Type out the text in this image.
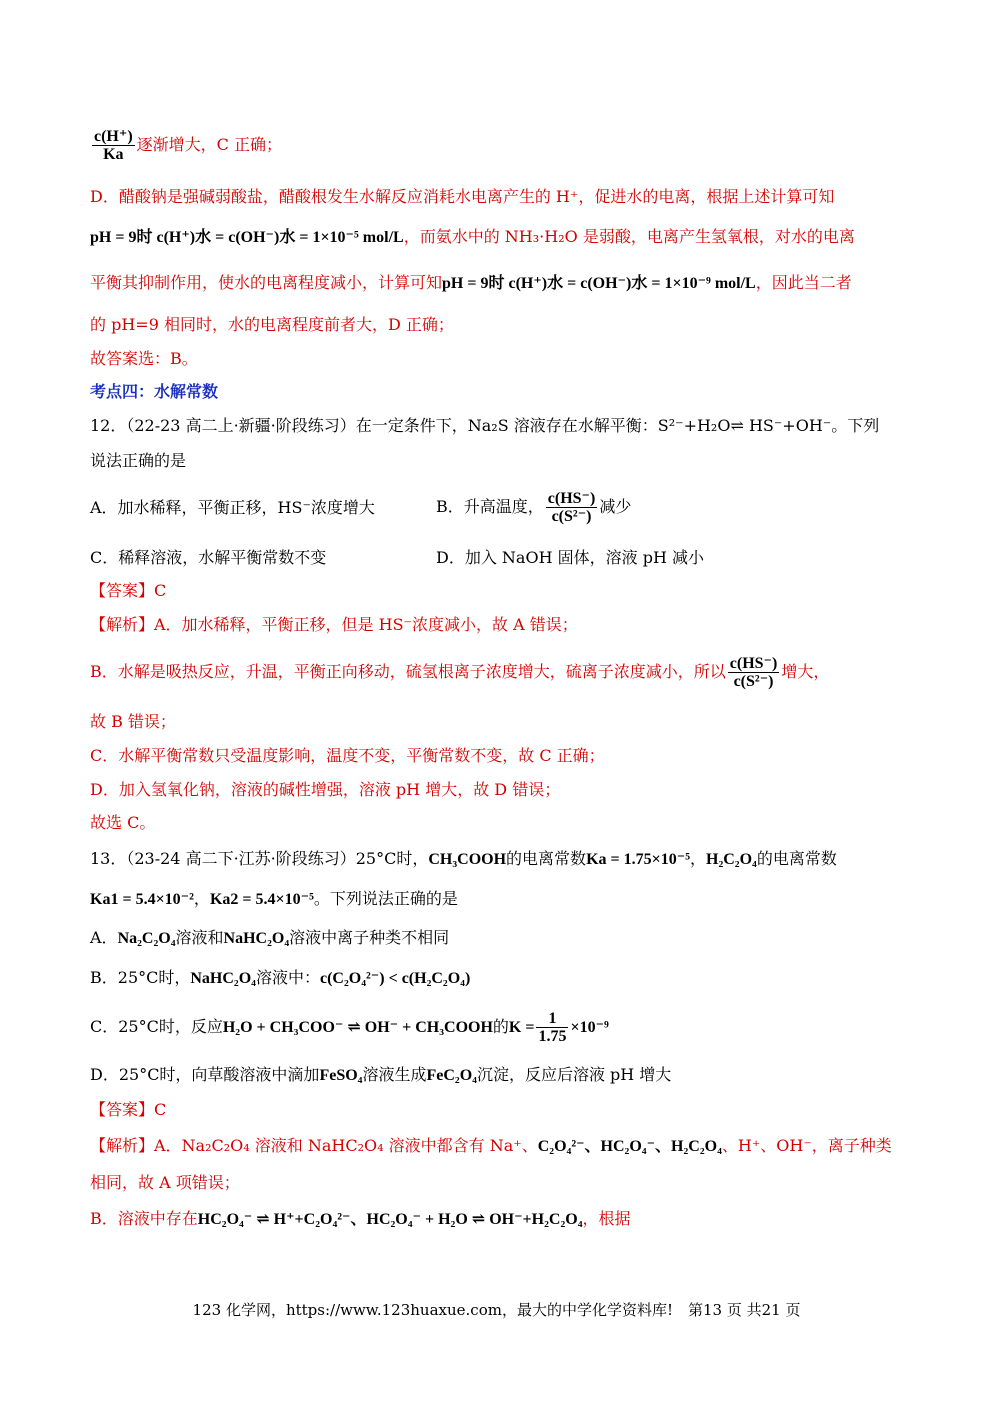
$\frac{c(H^+)}{Ka}$ 逐渐增大，C 正确；
D．醋酸钠是强碱弱酸盐，醋酸根发生水解反应消耗水电离产生的 H⁺，促进水的电离，根据上述计算可知
pH = 9时 c(H⁺)水 = c(OH⁻)水 = 1×10⁻⁵ mol/L，而氨水中的 NH₃·H₂O 是弱酸，电离产生氢氧根，对水的电离
平衡其抑制作用，使水的电离程度减小，计算可知pH = 9时 c(H⁺)水 = c(OH⁻)水 = 1×10⁻⁹ mol/L，因此当二者
的 pH=9 相同时，水的电离程度前者大，D 正确；
故答案选：B。
考点四：水解常数
12．（22-23 高二上·新疆·阶段练习）在一定条件下，Na₂S 溶液存在水解平衡：S²⁻+H₂O⇌ HS⁻+OH⁻。下列
说法正确的是
A．加水稀释，平衡正移，HS⁻浓度增大	B．升高温度， $\frac{c(HS^-)}{\text{c(S²⁻)}}$ 减少
C．稀释溶液，水解平衡常数不变	D．加入 NaOH 固体，溶液 pH 减小
【答案】C
【解析】A．加水稀释，平衡正移，但是 HS⁻浓度减小，故 A 错误；
B．水解是吸热反应，升温，平衡正向移动，硫氢根离子浓度增大，硫离子浓度减小，所以 $\frac{c(HS^-)}{\text{c(S²⁻)}}$ 增大，
故 B 错误；
C．水解平衡常数只受温度影响，温度不变，平衡常数不变，故 C 正确；
D．加入氢氧化钠，溶液的碱性增强，溶液 pH 增大，故 D 错误；
故选 C。
13．（23-24 高二下·江苏·阶段练习）25°C时，CH₃COOH的电离常数Ka = 1.75×10⁻⁵，H₂C₂O₄的电离常数
Ka1 = 5.4×10⁻²，Ka2 = 5.4×10⁻⁵。下列说法正确的是
A．Na₂C₂O₄溶液和NaHC₂O₄溶液中离子种类不相同
B．25°C时，NaHC₂O₄溶液中：c(C₂O₄²⁻) < c(H₂C₂O₄)
C．25°C时，反应H₂O + CH₃COO⁻ ⇌ OH⁻ + CH₃COOH的$K = \frac{1}{1.75} \times 10^{-9}$
D．25°C时，向草酸溶液中滴加FeSO₄溶液生成FeC₂O₄沉淀，反应后溶液 pH 增大
【答案】C
【解析】A．Na₂C₂O₄ 溶液和 NaHC₂O₄ 溶液中都含有 Na⁺、C₂O₄²⁻、HC₂O₄⁻、H₂C₂O₄、H⁺、OH⁻，离子种类
相同，故 A 项错误；
B．溶液中存在HC₂O₄⁻ ⇌ H⁺+C₂O₄²⁻、HC₂O₄⁻ + H₂O ⇌ OH⁻+H₂C₂O₄，根据
123 化学网，https://www.123huaxue.com，最大的中学化学资料库!　第13 页 共21 页
